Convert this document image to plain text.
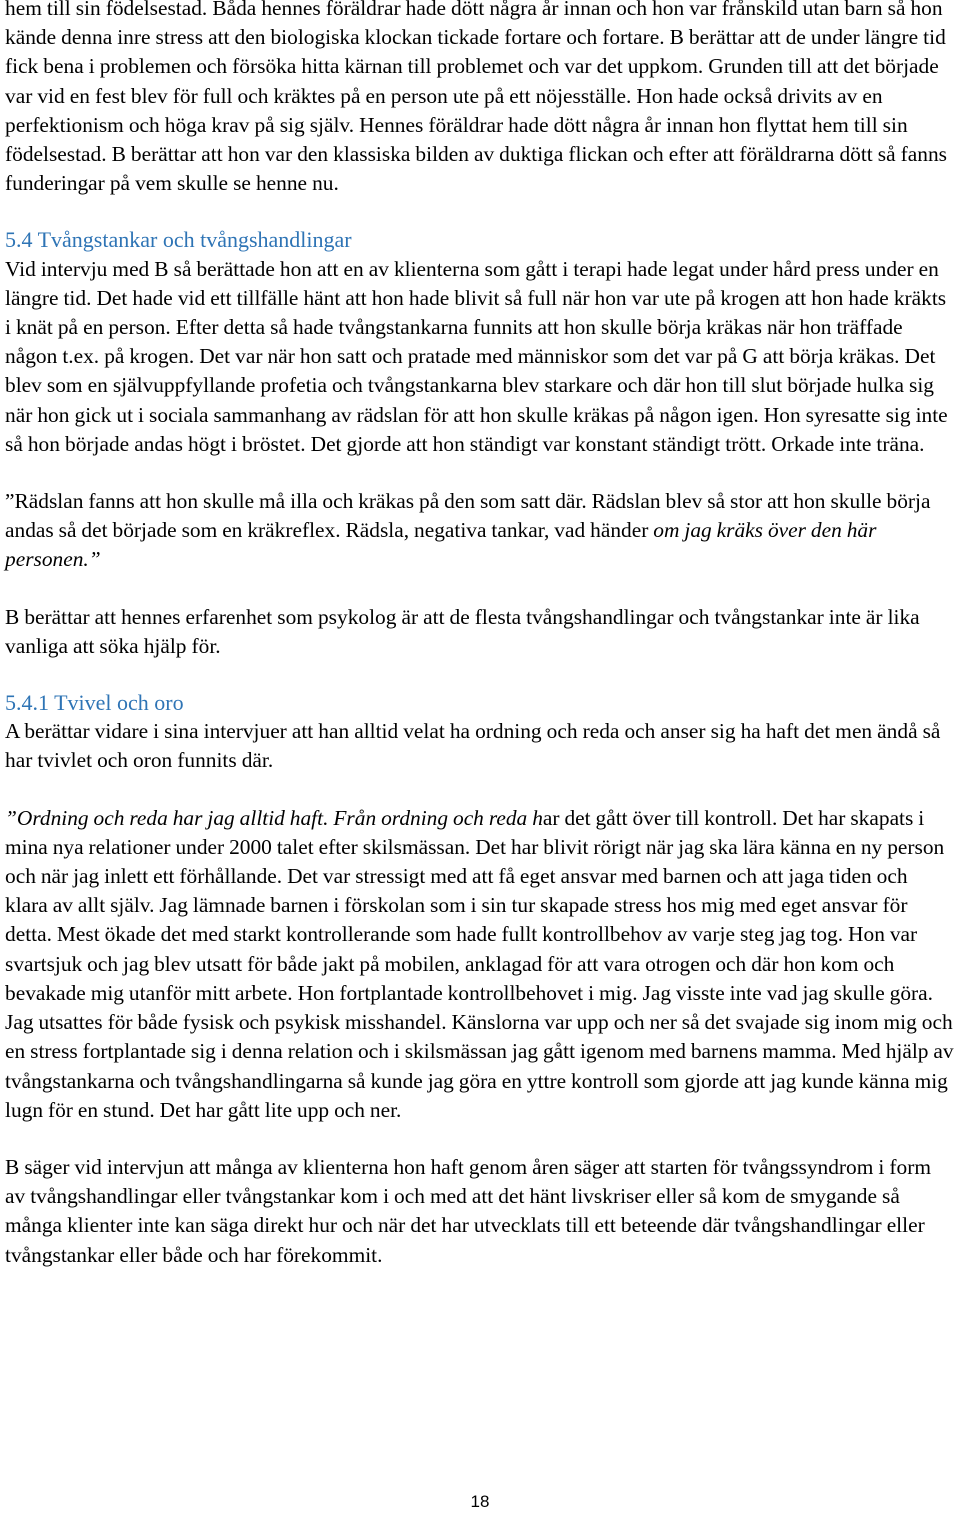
hem till sin födelsestad. Båda hennes föräldrar hade dött några år innan och hon var frånskild utan barn så hon kände denna inre stress att den biologiska klockan tickade fortare och fortare. B berättar att de under längre tid fick bena i problemen och försöka hitta kärnan till problemet och var det uppkom. Grunden till att det började var vid en fest blev för full och kräktes på en person ute på ett nöjesställe. Hon hade också drivits av en perfektionism och höga krav på sig själv. Hennes föräldrar hade dött några år innan hon flyttat hem till sin födelsestad. B berättar att hon var den klassiska bilden av duktiga flickan och efter att föräldrarna dött så fanns funderingar på vem skulle se henne nu.

5.4 Tvångstankar och tvångshandlingar

Vid intervju med B så berättade hon att en av klienterna som gått i terapi hade legat under hård press under en längre tid. Det hade vid ett tillfälle hänt att hon hade blivit så full när hon var ute på krogen att hon hade kräkts i knät på en person. Efter detta så hade tvångstankarna funnits att hon skulle börja kräkas när hon träffade någon t.ex. på krogen. Det var när hon satt och pratade med människor som det var på G att börja kräkas. Det blev som en självuppfyllande profetia och tvångstankarna blev starkare och där hon till slut började hulka sig när hon gick ut i sociala sammanhang av rädslan för att hon skulle kräkas på någon igen. Hon syresatte sig inte så hon började andas högt i bröstet. Det gjorde att hon ständigt var konstant ständigt trött. Orkade inte träna.

”Rädslan fanns att hon skulle må illa och kräkas på den som satt där. Rädslan blev så stor att hon skulle börja andas så det började som en kräkreflex. Rädsla, negativa tankar, vad händer om jag kräks över den här personen.”

B berättar att hennes erfarenhet som psykolog är att de flesta tvångshandlingar och tvångstankar inte är lika vanliga att söka hjälp för.

5.4.1 Tvivel och oro

A berättar vidare i sina intervjuer att han alltid velat ha ordning och reda och anser sig ha haft det men ändå så har tvivlet och oron funnits där.

”Ordning och reda har jag alltid haft. Från ordning och reda har det gått över till kontroll. Det har skapats i mina nya relationer under 2000 talet efter skilsmässan. Det har blivit rörigt när jag ska lära känna en ny person och när jag inlett ett förhållande. Det var stressigt med att få eget ansvar med barnen och att jaga tiden och klara av allt själv. Jag lämnade barnen i förskolan som i sin tur skapade stress hos mig med eget ansvar för detta. Mest ökade det med starkt kontrollerande som hade fullt kontrollbehov av varje steg jag tog. Hon var svartsjuk och jag blev utsatt för både jakt på mobilen, anklagad för att vara otrogen och där hon kom och bevakade mig utanför mitt arbete. Hon fortplantade kontrollbehovet i mig. Jag visste inte vad jag skulle göra. Jag utsattes för både fysisk och psykisk misshandel. Känslorna var upp och ner så det svajade sig inom mig och en stress fortplantade sig i denna relation och i skilsmässan jag gått igenom med barnens mamma. Med hjälp av tvångstankarna och tvångshandlingarna så kunde jag göra en yttre kontroll som gjorde att jag kunde känna mig lugn för en stund. Det har gått lite upp och ner.

B säger vid intervjun att många av klienterna hon haft genom åren säger att starten för tvångssyndrom i form av tvångshandlingar eller tvångstankar kom i och med att det hänt livskriser eller så kom de smygande så många klienter inte kan säga direkt hur och när det har utvecklats till ett beteende där tvångshandlingar eller tvångstankar eller både och har förekommit.

18
